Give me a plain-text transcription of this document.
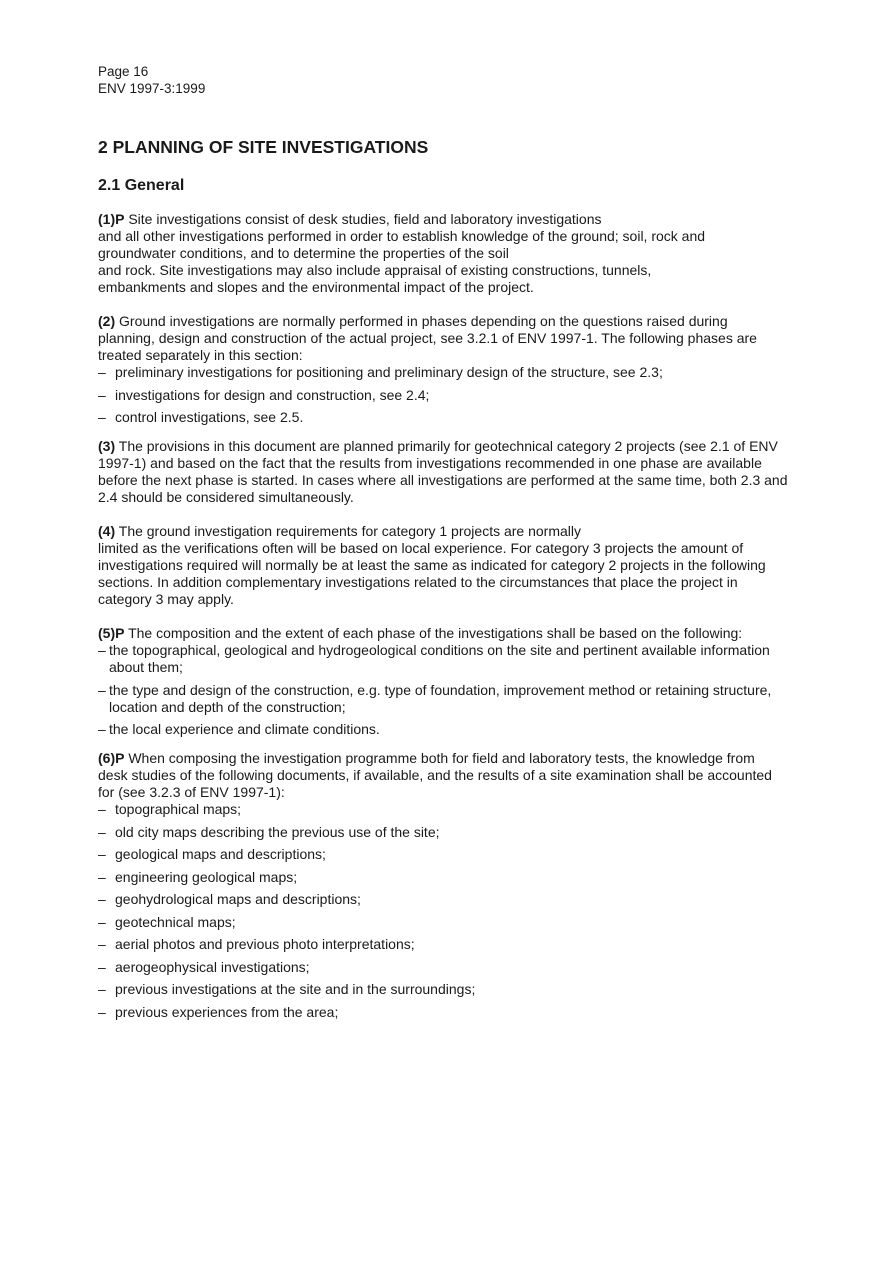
Page 16
ENV 1997-3:1999
2 PLANNING OF SITE INVESTIGATIONS
2.1 General

(1)P Site investigations consist of desk studies, field and laboratory investigations
and all other investigations performed in order to establish knowledge of the ground; soil, rock and
groundwater conditions, and to determine the properties of the soil
and rock. Site investigations may also include appraisal of existing constructions, tunnels,
embankments and slopes and the environmental impact of the project.

(2) Ground investigations are normally performed in phases depending on the questions raised during planning, design and construction of the actual project, see 3.2.1 of ENV 1997-1. The following phases are treated separately in this section:

– preliminary investigations for positioning and preliminary design of the structure, see 2.3;
– investigations for design and construction, see 2.4;
– control investigations, see 2.5.

(3) The provisions in this document are planned primarily for geotechnical category 2 projects (see 2.1 of ENV 1997-1) and based on the fact that the results from investigations recommended in one phase are available before the next phase is started. In cases where all investigations are performed at the same time, both 2.3 and 2.4 should be considered simultaneously.

(4) The ground investigation requirements for category 1 projects are normally
limited as the verifications often will be based on local experience. For category 3 projects the amount of investigations required will normally be at least the same as indicated for category 2 projects in the following sections. In addition complementary investigations related to the circumstances that place the project in category 3 may apply.

(5)P The composition and the extent of each phase of the investigations shall be based on the following:

– the topographical, geological and hydrogeological conditions on the site and pertinent available information about them;
– the type and design of the construction, e.g. type of foundation, improvement method or retaining structure, location and depth of the construction;
– the local experience and climate conditions.

(6)P When composing the investigation programme both for field and laboratory tests, the knowledge from desk studies of the following documents, if available, and the results of a site examination shall be accounted for (see 3.2.3 of ENV 1997-1):

– topographical maps;
– old city maps describing the previous use of the site;
– geological maps and descriptions;
– engineering geological maps;
– geohydrological maps and descriptions;
– geotechnical maps;
– aerial photos and previous photo interpretations;
– aerogeophysical investigations;
– previous investigations at the site and in the surroundings;
– previous experiences from the area;
